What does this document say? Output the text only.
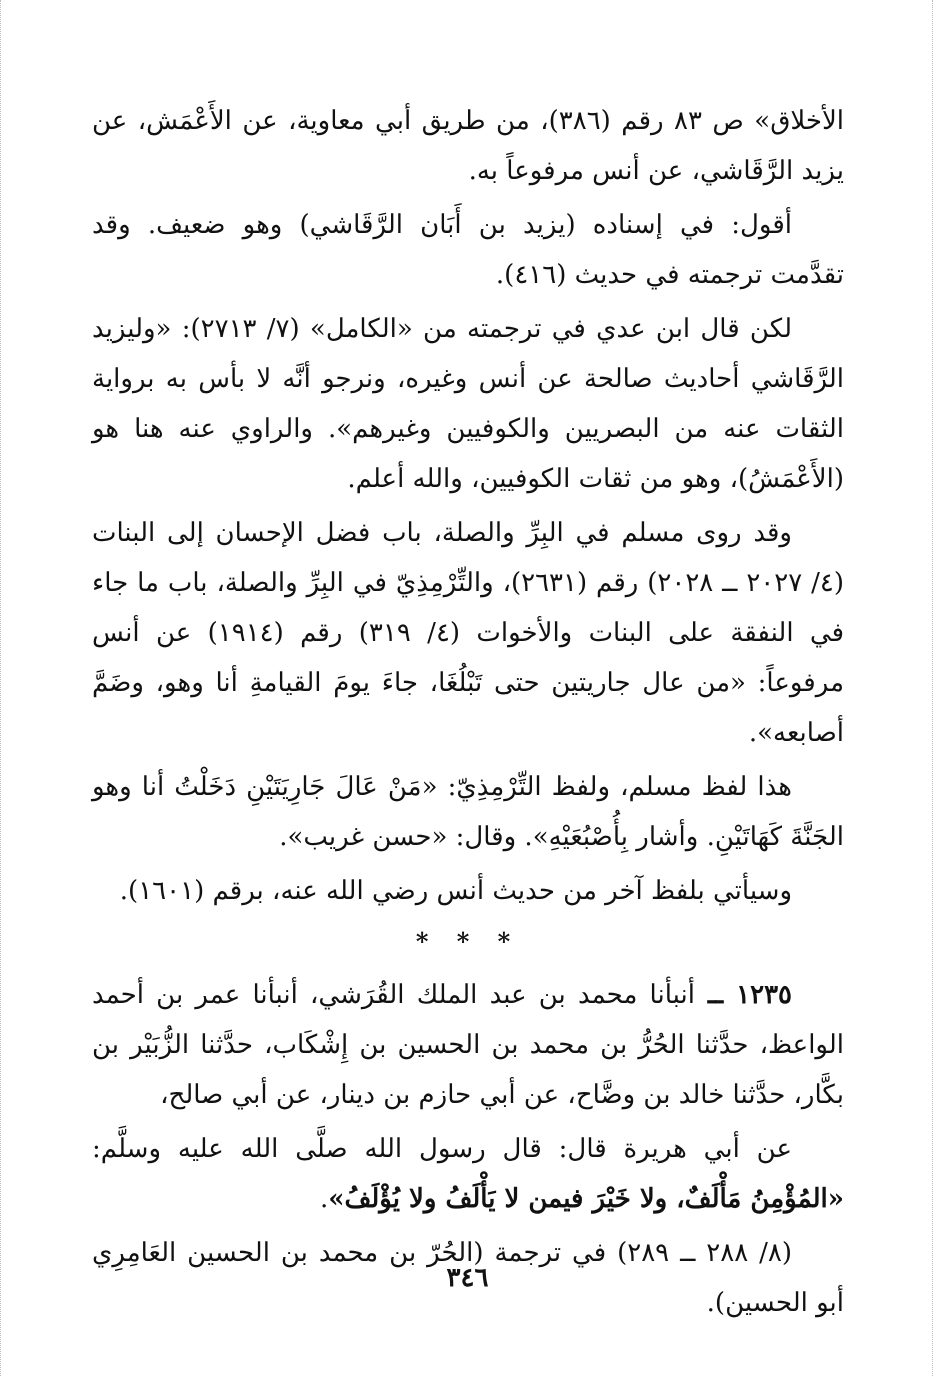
الأخلاق» ص ٨٣ رقم (٣٨٦)، من طريق أبي معاوية، عن الأَعْمَش، عن يزيد الرَّقَاشي، عن أنس مرفوعاً به.

أقول: في إسناده (يزيد بن أَبَان الرَّقَاشي) وهو ضعيف. وقد تقدَّمت ترجمته في حديث (٤١٦).

لكن قال ابن عدي في ترجمته من «الكامل» (٧/ ٢٧١٣): «وليزيد الرَّقَاشي أحاديث صالحة عن أنس وغيره، ونرجو أنَّه لا بأس به برواية الثقات عنه من البصريين والكوفيين وغيرهم». والراوي عنه هنا هو (الأَعْمَشُ)، وهو من ثقات الكوفيين، والله أعلم.

وقد روى مسلم في البِرِّ والصلة، باب فضل الإحسان إلى البنات (٤/ ٢٠٢٧ ــ ٢٠٢٨) رقم (٢٦٣١)، والتِّرْمِذِيّ في البِرِّ والصلة، باب ما جاء في النفقة على البنات والأخوات (٤/ ٣١٩) رقم (١٩١٤) عن أنس مرفوعاً: «من عال جاريتين حتى تَبْلُغَا، جاءَ يومَ القيامةِ أنا وهو، وضَمَّ أصابعه».

هذا لفظ مسلم، ولفظ التِّرْمِذِيّ: «مَنْ عَالَ جَارِيَتَيْنِ دَخَلْتُ أنا وهو الجَنَّةَ كَهَاتَيْنِ. وأشار بِأُصْبُعَيْهِ». وقال: «حسن غريب».

وسيأتي بلفظ آخر من حديث أنس رضي الله عنه، برقم (١٦٠١).

* * *

١٢٣٥ ــ أنبأنا محمد بن عبد الملك القُرَشي، أنبأنا عمر بن أحمد الواعظ، حدَّثنا الحُرُّ بن محمد بن الحسين بن إِشْكَاب، حدَّثنا الزُّبَيْر بن بكَّار، حدَّثنا خالد بن وضَّاح، عن أبي حازم بن دينار، عن أبي صالح،

عن أبي هريرة قال: قال رسول الله صلَّى الله عليه وسلَّم: «المُؤْمِنُ مَأْلَفٌ، ولا خَيْرَ فيمن لا يَأْلَفُ ولا يُؤْلَفُ».

(٨/ ٢٨٨ ــ ٢٨٩) في ترجمة (الحُرّ بن محمد بن الحسين العَامِرِي أبو الحسين).

٣٤٦
